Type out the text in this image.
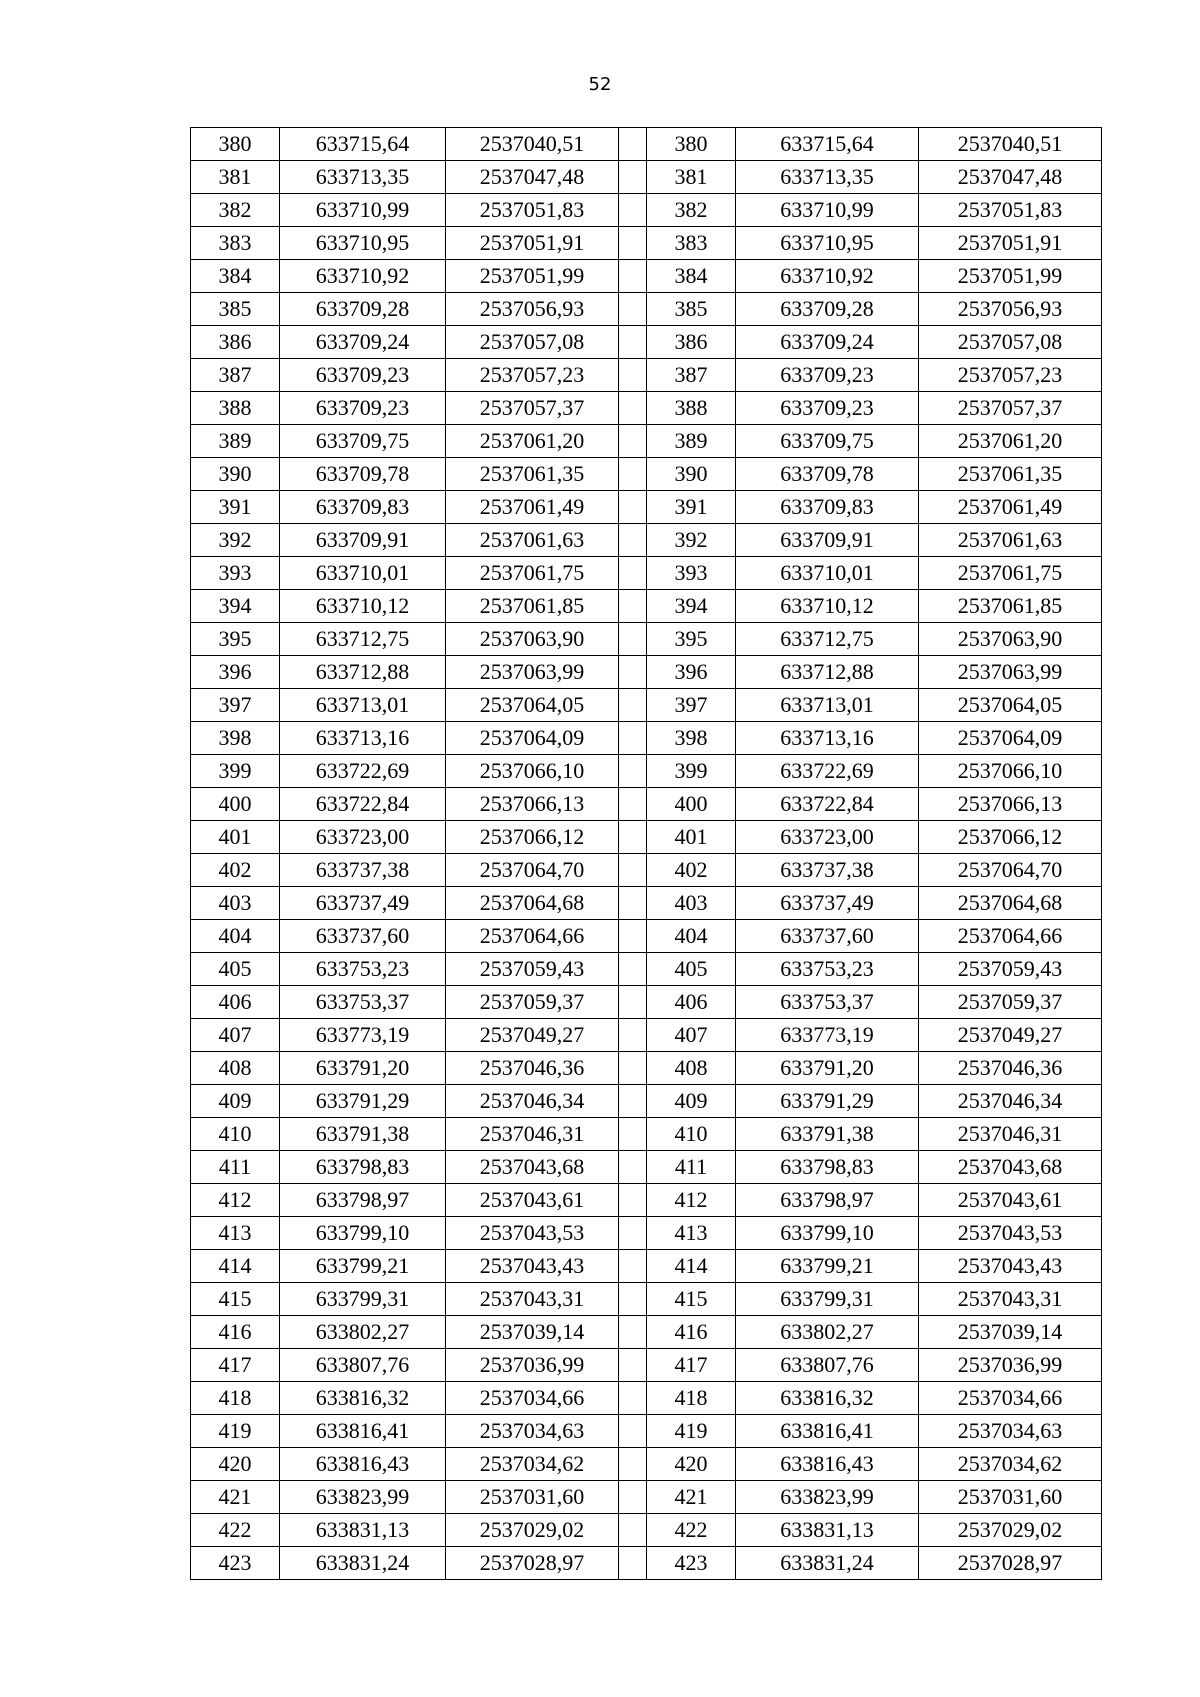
52
380	633715,64	2537040,51		380	633715,64	2537040,51
381	633713,35	2537047,48		381	633713,35	2537047,48
382	633710,99	2537051,83		382	633710,99	2537051,83
383	633710,95	2537051,91		383	633710,95	2537051,91
384	633710,92	2537051,99		384	633710,92	2537051,99
385	633709,28	2537056,93		385	633709,28	2537056,93
386	633709,24	2537057,08		386	633709,24	2537057,08
387	633709,23	2537057,23		387	633709,23	2537057,23
388	633709,23	2537057,37		388	633709,23	2537057,37
389	633709,75	2537061,20		389	633709,75	2537061,20
390	633709,78	2537061,35		390	633709,78	2537061,35
391	633709,83	2537061,49		391	633709,83	2537061,49
392	633709,91	2537061,63		392	633709,91	2537061,63
393	633710,01	2537061,75		393	633710,01	2537061,75
394	633710,12	2537061,85		394	633710,12	2537061,85
395	633712,75	2537063,90		395	633712,75	2537063,90
396	633712,88	2537063,99		396	633712,88	2537063,99
397	633713,01	2537064,05		397	633713,01	2537064,05
398	633713,16	2537064,09		398	633713,16	2537064,09
399	633722,69	2537066,10		399	633722,69	2537066,10
400	633722,84	2537066,13		400	633722,84	2537066,13
401	633723,00	2537066,12		401	633723,00	2537066,12
402	633737,38	2537064,70		402	633737,38	2537064,70
403	633737,49	2537064,68		403	633737,49	2537064,68
404	633737,60	2537064,66		404	633737,60	2537064,66
405	633753,23	2537059,43		405	633753,23	2537059,43
406	633753,37	2537059,37		406	633753,37	2537059,37
407	633773,19	2537049,27		407	633773,19	2537049,27
408	633791,20	2537046,36		408	633791,20	2537046,36
409	633791,29	2537046,34		409	633791,29	2537046,34
410	633791,38	2537046,31		410	633791,38	2537046,31
411	633798,83	2537043,68		411	633798,83	2537043,68
412	633798,97	2537043,61		412	633798,97	2537043,61
413	633799,10	2537043,53		413	633799,10	2537043,53
414	633799,21	2537043,43		414	633799,21	2537043,43
415	633799,31	2537043,31		415	633799,31	2537043,31
416	633802,27	2537039,14		416	633802,27	2537039,14
417	633807,76	2537036,99		417	633807,76	2537036,99
418	633816,32	2537034,66		418	633816,32	2537034,66
419	633816,41	2537034,63		419	633816,41	2537034,63
420	633816,43	2537034,62		420	633816,43	2537034,62
421	633823,99	2537031,60		421	633823,99	2537031,60
422	633831,13	2537029,02		422	633831,13	2537029,02
423	633831,24	2537028,97		423	633831,24	2537028,97
